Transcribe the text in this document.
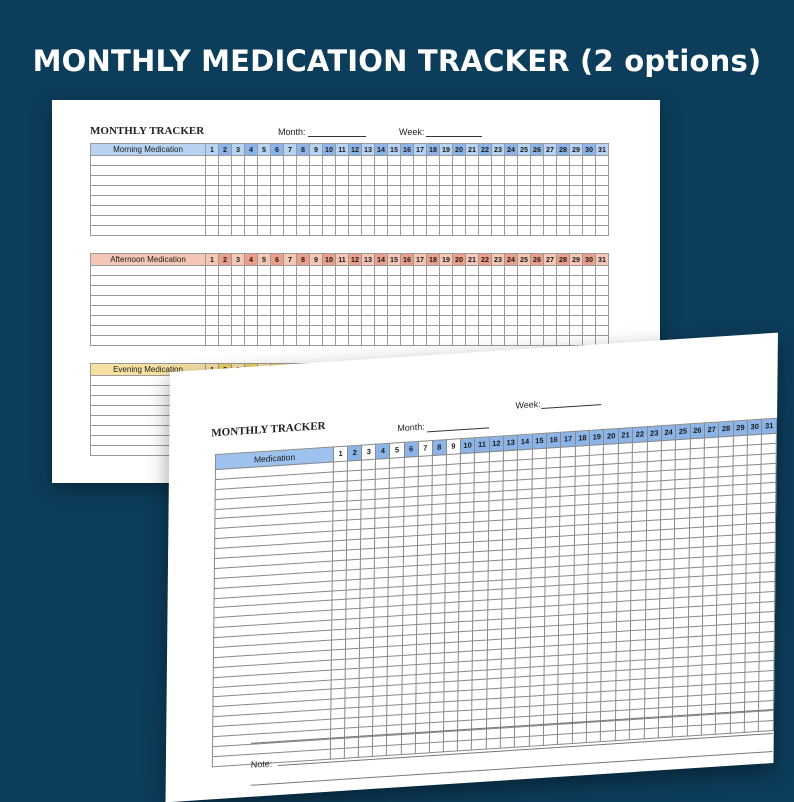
MONTHLY MEDICATION TRACKER (2 options)
MONTHLY TRACKER	Month:	Week:
Morning Medication	1	2	3	4	5	6	7	8	9	10	11	12	13	14	15	16	17	18	19	20	21	22	23	24	25	26	27	28	29	30	31

Afternoon Medication	1	2	3	4	5	6	7	8	9	10	11	12	13	14	15	16	17	18	19	20	21	22	23	24	25	26	27	28	29	30	31

Evening Medication																															

MONTHLY TRACKER	Month:
Week:
Medication	1	2	3	4	5	6	7	8	9	10	11	12	13	14	15	16	17	18	19	20	21	22	23	24	25	26	27	28	29	30	31

Note:
